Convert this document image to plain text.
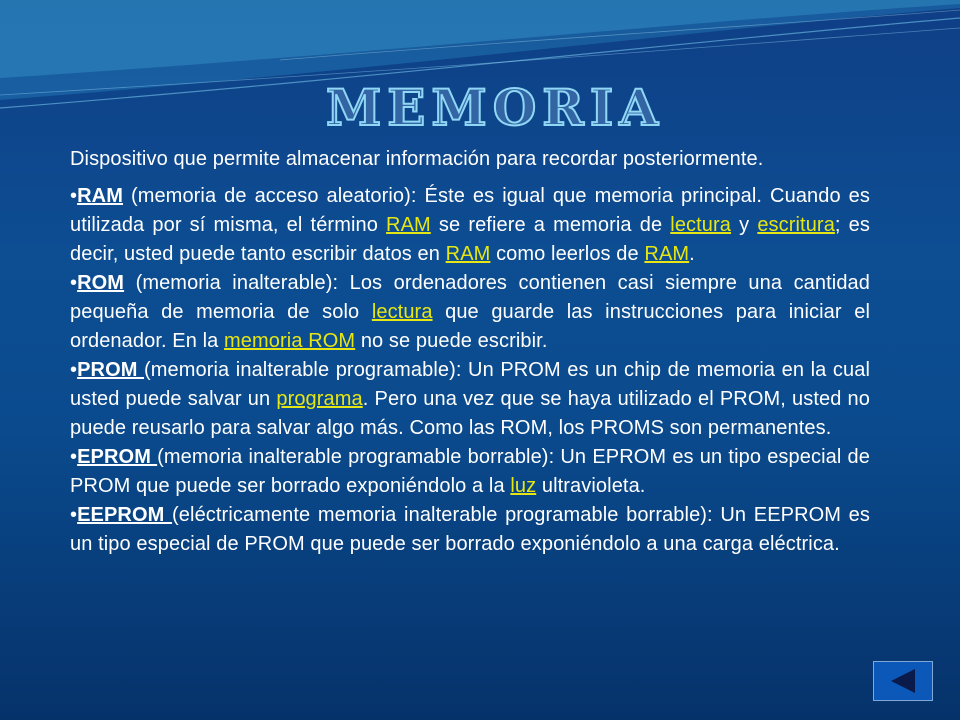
MEMORIA

Dispositivo que permite almacenar información para recordar posteriormente.

•RAM (memoria de acceso aleatorio): Éste es igual que memoria principal. Cuando es utilizada por sí misma, el término RAM se refiere a memoria de lectura y escritura; es decir, usted puede tanto escribir datos en RAM como leerlos de RAM.

•ROM (memoria inalterable): Los ordenadores contienen casi siempre una cantidad pequeña de memoria de solo lectura que guarde las instrucciones para iniciar el ordenador. En la memoria ROM no se puede escribir.

•PROM (memoria inalterable programable): Un PROM es un chip de memoria en la cual usted puede salvar un programa. Pero una vez que se haya utilizado el PROM, usted no puede reusarlo para salvar algo más. Como las ROM, los PROMS son permanentes.

•EPROM (memoria inalterable programable borrable): Un EPROM es un tipo especial de PROM que puede ser borrado exponiéndolo a la luz ultravioleta.

•EEPROM (eléctricamente memoria inalterable programable borrable): Un EEPROM es un tipo especial de PROM que puede ser borrado exponiéndolo a una carga eléctrica.
